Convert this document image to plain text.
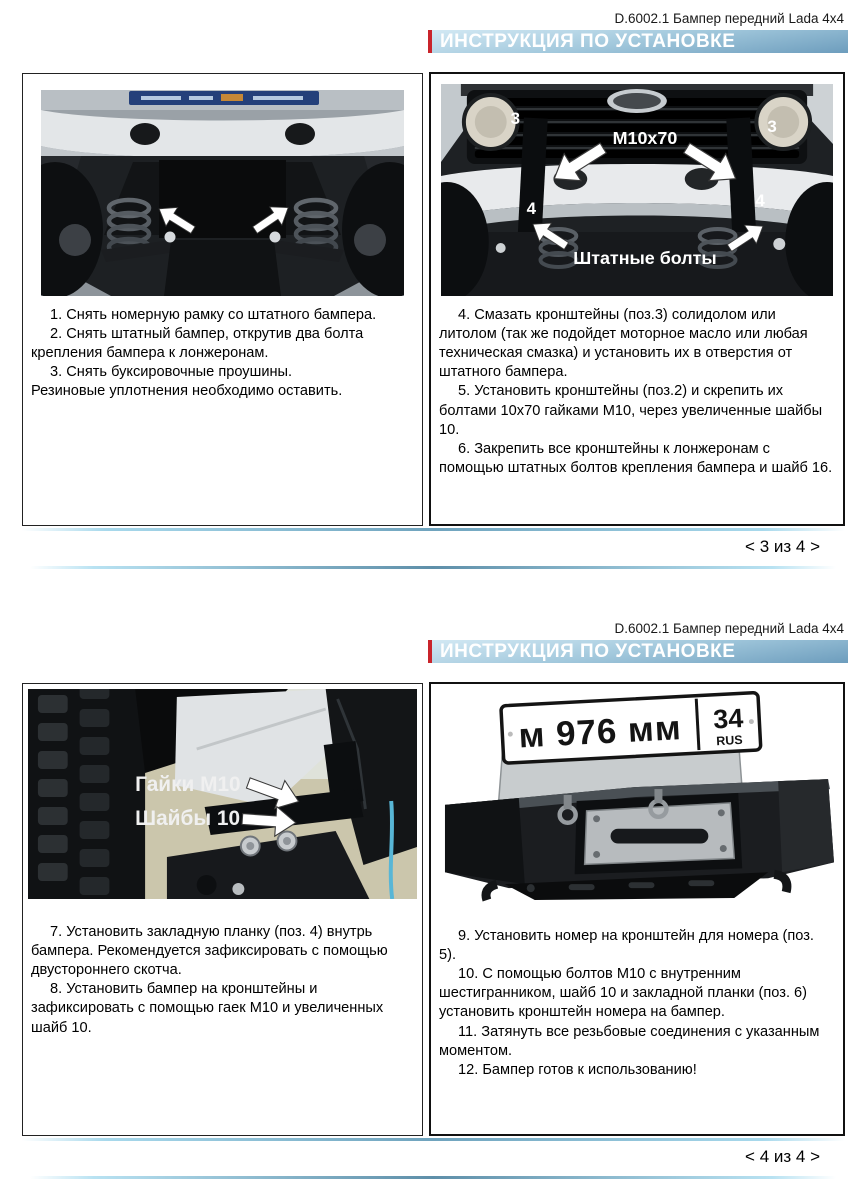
D.6002.1 Бампер передний Lada 4x4
ИНСТРУКЦИЯ ПО УСТАНОВКЕ

1. Снять номерную рамку со штатного бампера.

2. Снять штатный бампер, открутив два болта крепления бампера к лонжеронам.

3. Снять буксировочные проушины.

Резиновые уплотнения необходимо оставить.

3	3
М10х70
4	4
Штатные болты

4. Смазать кронштейны (поз.3) солидолом или литолом (так же подойдет моторное масло или любая техническая смазка) и установить их в отверстия от штатного бампера.

5. Установить кронштейны (поз.2) и скрепить их болтами 10х70 гайками М10, через увеличенные шайбы 10.

6. Закрепить все кронштейны к лонжеронам с помощью штатных болтов крепления бампера и шайб 16.

< 3 из 4 >
D.6002.1 Бампер передний Lada 4x4
ИНСТРУКЦИЯ ПО УСТАНОВКЕ
Гайки М10
Шайбы 10

7. Установить закладную планку (поз. 4) внутрь бампера. Рекомендуется зафиксировать с помощью двустороннего скотча.

8. Установить бампер на кронштейны и зафиксировать с помощью гаек М10 и увеличенных шайб 10.

м 976 мм 34
RUS

9. Установить номер на кронштейн для номера (поз. 5).

10. С помощью болтов М10 с внутренним шестигранником, шайб 10 и закладной планки (поз. 6) установить кронштейн номера на бампер.

11. Затянуть все резьбовые соединения с указанным моментом.

12. Бампер готов к использованию!

< 4 из 4 >
